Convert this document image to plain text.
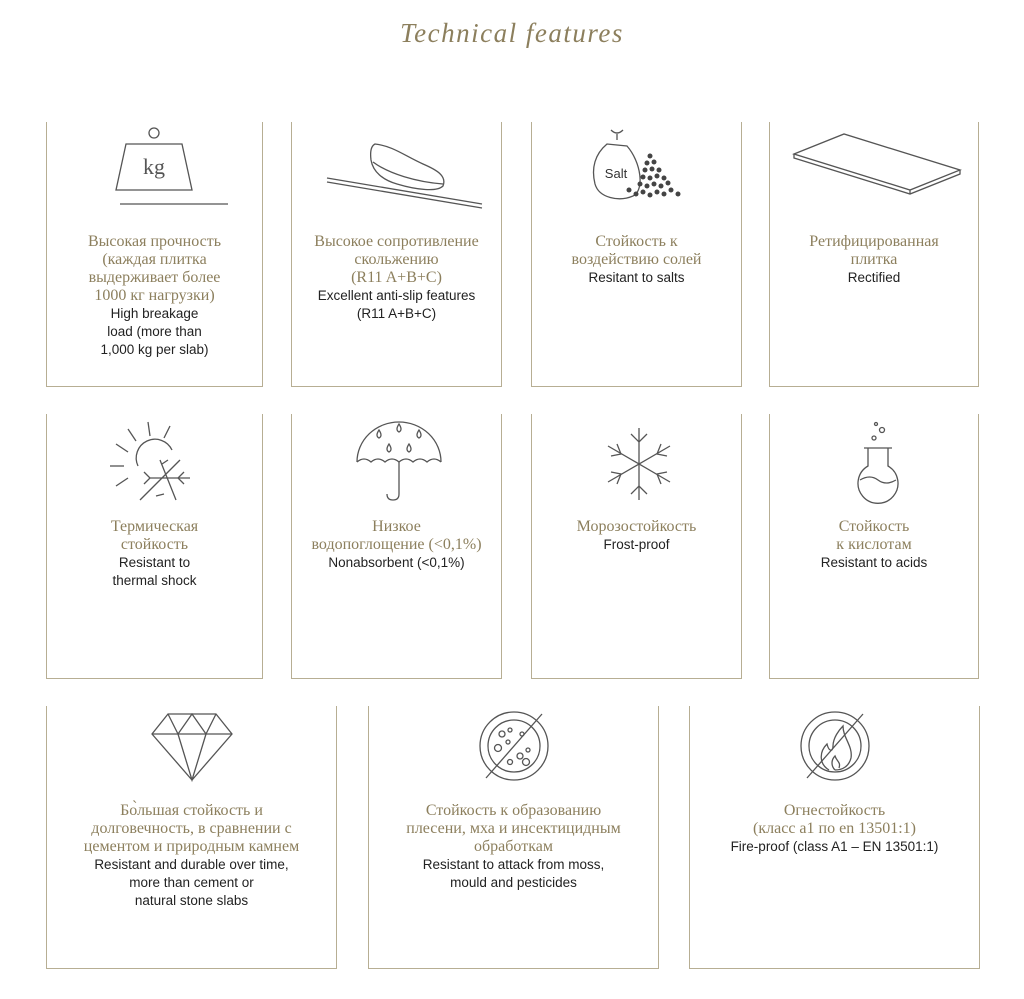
Technical features
kg
Высокая прочность
(каждая плитка
выдерживает более
1000 кг нагрузки)
High breakage
load (more than
1,000 kg per slab)
Высокое сопротивление
скольжению
(R11 A+B+C)
Excellent anti-slip features
(R11 A+B+C)
Salt
Стойкость к
воздействию солей
Resitant to salts
Ретифицированная
плитка
Rectified
Термическая
стойкость
Resistant to
thermal shock
Низкое
водопоглощение (<0,1%)
Nonabsorbent (<0,1%)
Морозостойкость
Frost-proof
Стойкость
к кислотам
Resistant to acids
Бо̀льшая стойкость и
долговечность, в сравнении с
цементом и природным камнем
Resistant and durable over time,
more than cement or
natural stone slabs
Стойкость к образованию
плесени, мха и инсектицидным
обработкам
Resistant to attack from moss,
mould and pesticides
Огнестойкость
(класс а1 по en 13501:1)
Fire-proof (class A1 – EN 13501:1)
